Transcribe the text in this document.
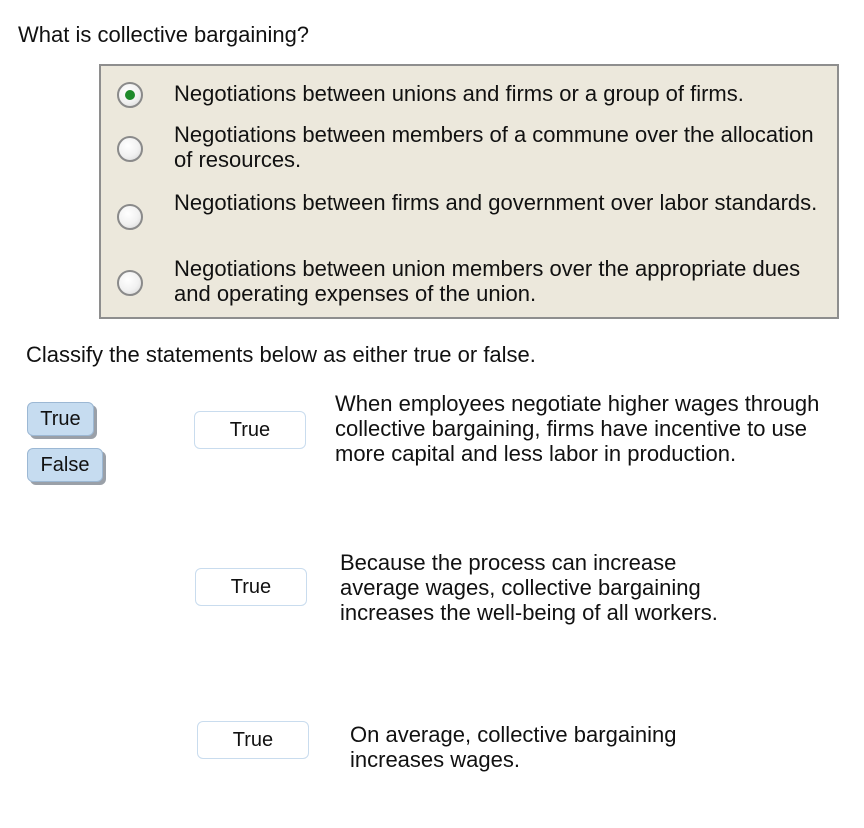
What is collective bargaining?
Negotiations between unions and firms or a group of firms.
Negotiations between members of a commune over the allocation of resources.
Negotiations between firms and government over labor standards.
Negotiations between union members over the appropriate dues and operating expenses of the union.
Classify the statements below as either true or false.
True
False
True
When employees negotiate higher wages through collective bargaining, firms have incentive to use more capital and less labor in production.
True
Because the process can increase average wages, collective bargaining increases the well-being of all workers.
True	On average, collective bargaining increases wages.
